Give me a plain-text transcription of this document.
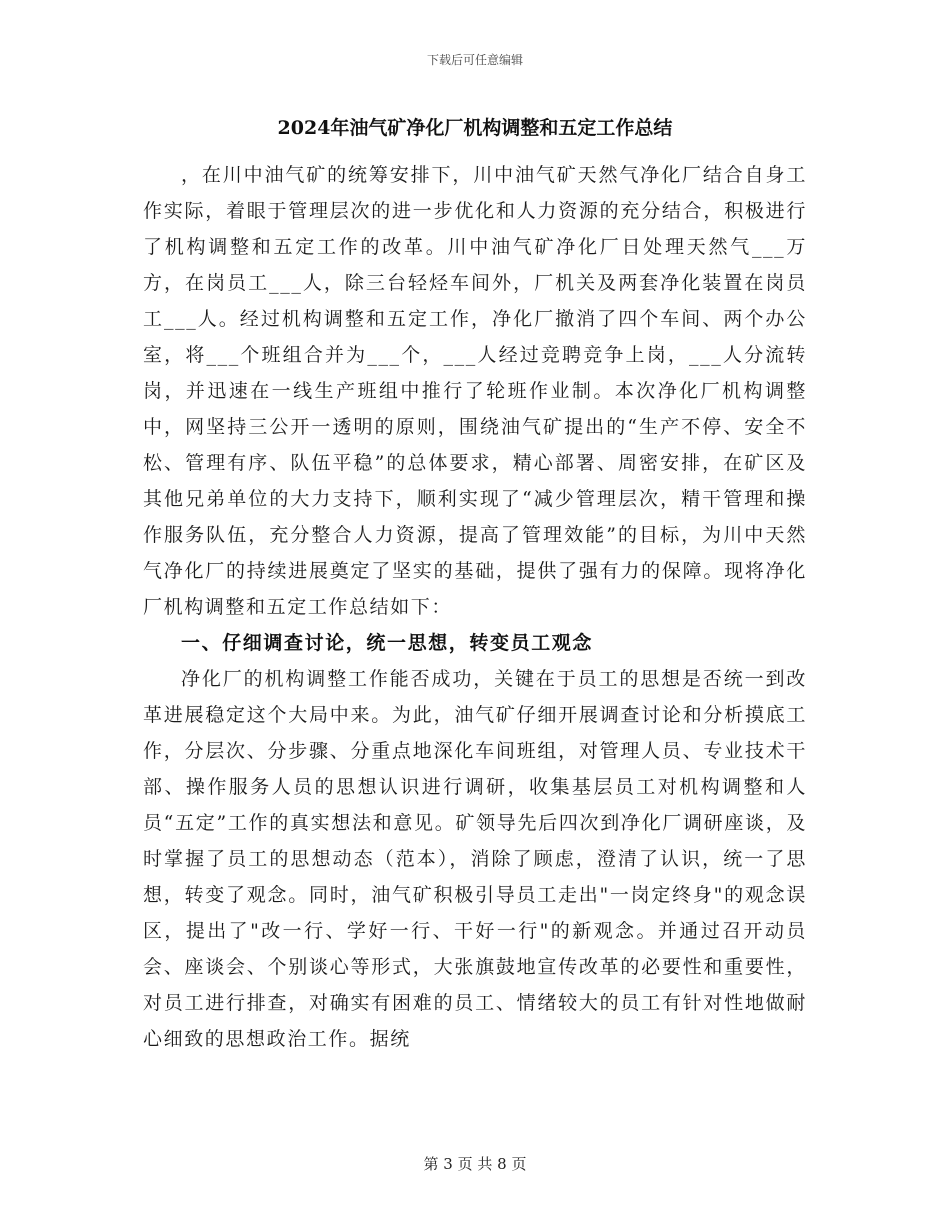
下载后可任意编辑
2024年油气矿净化厂机构调整和五定工作总结

，在川中油气矿的统筹安排下，川中油气矿天然气净化厂结合自身工作实际，着眼于管理层次的进一步优化和人力资源的充分结合，积极进行了机构调整和五定工作的改革。川中油气矿净化厂日处理天然气___万方，在岗员工___人，除三台轻烃车间外，厂机关及两套净化装置在岗员工___人。经过机构调整和五定工作，净化厂撤消了四个车间、两个办公室，将___个班组合并为___个，___人经过竞聘竞争上岗，___人分流转岗，并迅速在一线生产班组中推行了轮班作业制。本次净化厂机构调整中，网坚持三公开一透明的原则，围绕油气矿提出的“生产不停、安全不松、管理有序、队伍平稳”的总体要求，精心部署、周密安排，在矿区及其他兄弟单位的大力支持下，顺利实现了“减少管理层次，精干管理和操作服务队伍，充分整合人力资源，提高了管理效能”的目标，为川中天然气净化厂的持续进展奠定了坚实的基础，提供了强有力的保障。现将净化厂机构调整和五定工作总结如下：

一、仔细调查讨论，统一思想，转变员工观念

净化厂的机构调整工作能否成功，关键在于员工的思想是否统一到改革进展稳定这个大局中来。为此，油气矿仔细开展调查讨论和分析摸底工作，分层次、分步骤、分重点地深化车间班组，对管理人员、专业技术干部、操作服务人员的思想认识进行调研，收集基层员工对机构调整和人员“五定”工作的真实想法和意见。矿领导先后四次到净化厂调研座谈，及时掌握了员工的思想动态（范本），消除了顾虑，澄清了认识，统一了思想，转变了观念。同时，油气矿积极引导员工走出"一岗定终身"的观念误区，提出了"改一行、学好一行、干好一行"的新观念。并通过召开动员会、座谈会、个别谈心等形式，大张旗鼓地宣传改革的必要性和重要性，对员工进行排查，对确实有困难的员工、情绪较大的员工有针对性地做耐心细致的思想政治工作。据统

第 3 页 共 8 页
